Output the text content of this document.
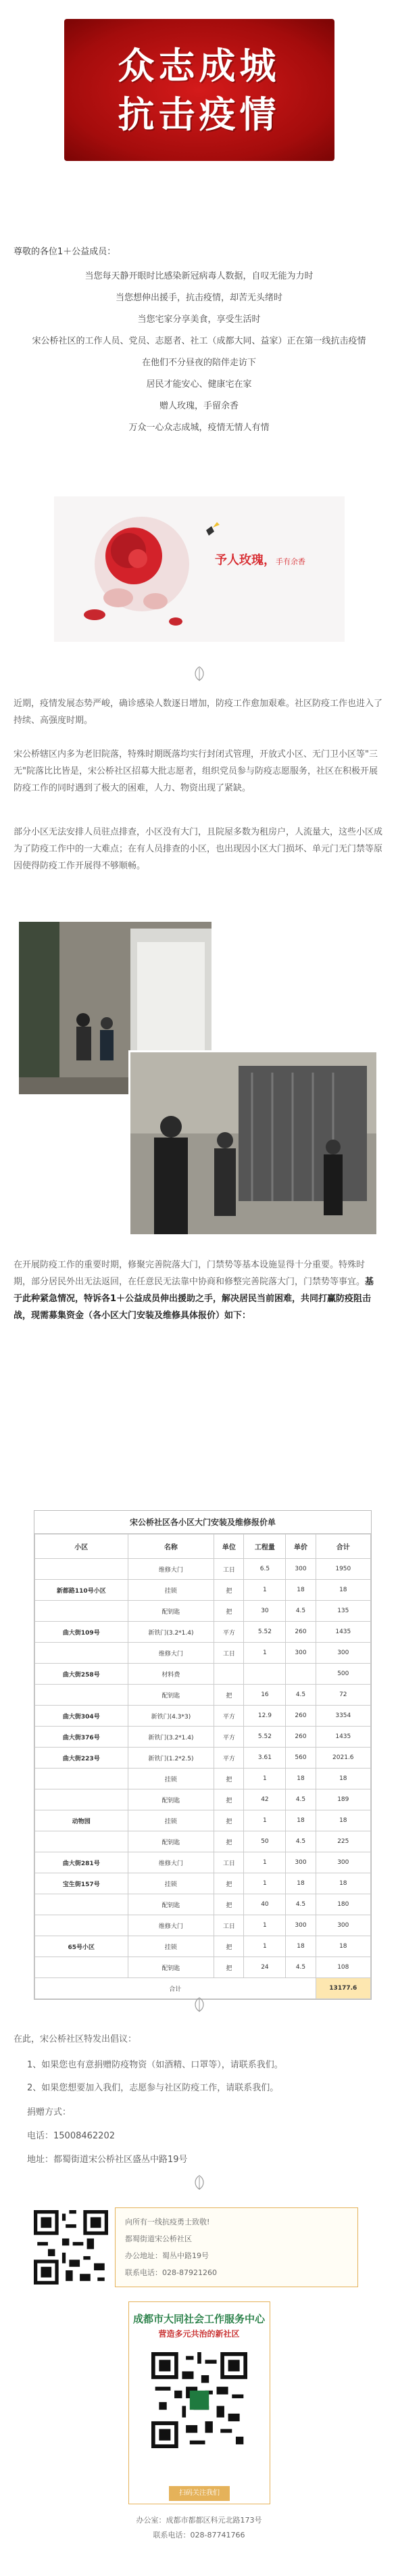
众志成城
抗击疫情
尊敬的各位1＋公益成员：
当您每天静开眼时比感染新冠病毒人数据，自叹无能为力时
当您想伸出援手，抗击疫情，却苦无头绪时
当您宅家分享美食，享受生活时
宋公桥社区的工作人员、党员、志愿者、社工（成都大同、益家）正在第一线抗击疫情
在他们不分昼夜的陪伴走访下
居民才能安心、健康宅在家
赠人玫瑰，手留余香
万众一心众志成城，疫情无情人有情
予人玫瑰，手有余香
近期，疫情发展态势严峻，确诊感染人数逐日增加，防疫工作愈加艰难。社区防疫工作也进入了持续、高强度时期。
宋公桥辖区内多为老旧院落，特殊时期既落均实行封闭式管理，开放式小区、无门卫小区等"三无"院落比比皆是，宋公桥社区招募大批志愿者，组织党员参与防疫志愿服务，社区在积极开展防疫工作的同时遇到了极大的困难，人力、物资出现了紧缺。
部分小区无法安排人员驻点排查，小区没有大门，且院屋多数为租房户，人流量大，这些小区成为了防疫工作中的一大难点；在有人员排查的小区，也出现因小区大门损坏、单元门无门禁等原因使得防疫工作开展得不够顺畅。
在开展防疫工作的重要时期，修聚完善院落大门，门禁势等基本设施显得十分重要。特殊时期，部分居民外出无法返回，在任意民无法靠中协商和修整完善院落大门，门禁势等事宜。基于此种紧急情况，特诉各1＋公益成员伸出援助之手，解决居民当前困难，共同打赢防疫阻击战，现需募集资金（各小区大门安装及维修具体报价）如下：
宋公桥社区各小区大门安装及维修报价单
小区	名称	单位	工程量	单价	合计
	维修大门	工日	6.5	300	1950
新都路110号小区	挂锁	把	1	18	18
	配钥匙	把	30	4.5	135
曲大街109号	新铁门(3.2*1.4)	平方	5.52	260	1435
	维修大门	工日	1	300	300
曲大街258号	材料费				500
	配钥匙	把	16	4.5	72
曲大街304号	新铁门(4.3*3)	平方	12.9	260	3354
曲大街376号	新铁门(3.2*1.4)	平方	5.52	260	1435
曲大街223号	新铁门(1.2*2.5)	平方	3.61	560	2021.6
	挂锁	把	1	18	18
	配钥匙	把	42	4.5	189
动物园	挂锁	把	1	18	18
	配钥匙	把	50	4.5	225
曲大街281号	维修大门	工日	1	300	300
宝生街157号	挂锁	把	1	18	18
	配钥匙	把	40	4.5	180
	维修大门	工日	1	300	300
65号小区	挂锁	把	1	18	18
	配钥匙	把	24	4.5	108
合计					13177.6
在此，宋公桥社区特发出倡议：
1、如果您也有意捐赠防疫物资（如酒精、口罩等），请联系我们。
2、如果您想要加入我们，志愿参与社区防疫工作，请联系我们。
捐赠方式：
电话：15008462202
地址：都蜀街道宋公桥社区盛丛中路19号
向所有一线抗疫勇士致敬!
都蜀街道宋公桥社区
办公地址：蜀丛中路19号
联系电话：028-87921260
成都市大同社会工作服务中心
营造多元共治的新社区
扫码关注我们
办公室：成都市都都区科元北路173号
联系电话：028-87741766
